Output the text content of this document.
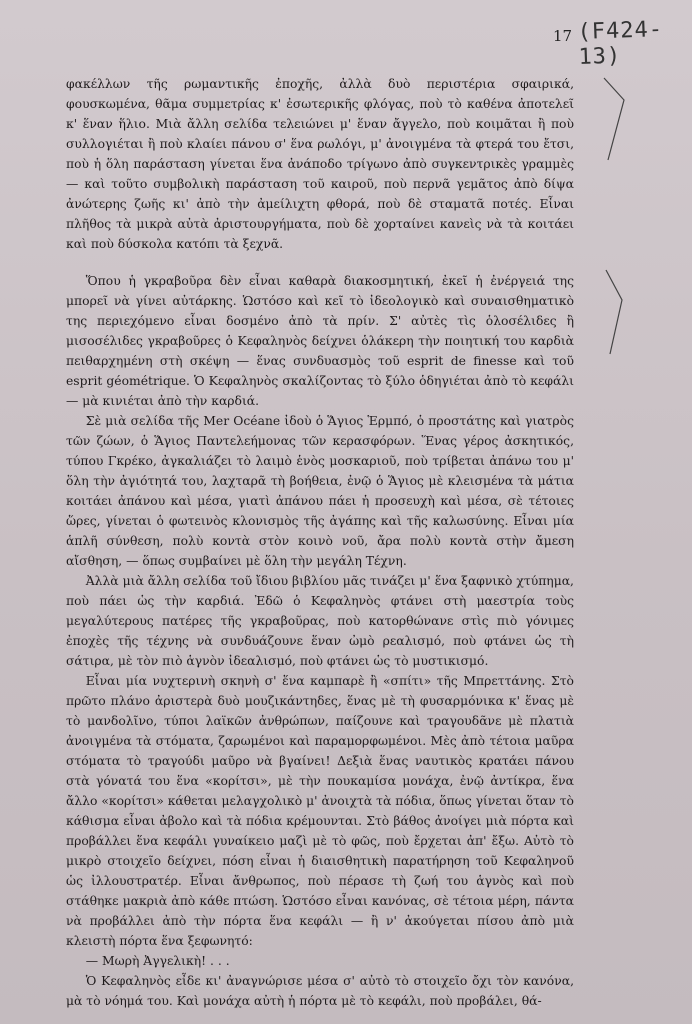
17 (F424-13)

φακέλλων τῆς ρωμαντικῆς ἐποχῆς, ἀλλὰ δυὸ περιστέρια σφαιρικά, φουσκωμένα, θᾶμα συμμετρίας κ' ἐσωτερικῆς φλόγας, ποὺ τὸ καθένα ἀποτελεῖ κ' ἕναν ἥλιο. Μιὰ ἄλλη σελίδα τελειώνει μ' ἕναν ἄγγελο, ποὺ κοιμᾶται ἢ ποὺ συλλογιέται ἢ ποὺ κλαίει πάνου σ' ἕνα ρωλόγι, μ' ἀνοιγμένα τὰ φτερά του ἔτσι, ποὺ ἡ ὅλη παράσταση γίνεται ἕνα ἀνάποδο τρίγωνο ἀπὸ συγκεντρικὲς γραμμὲς — καὶ τοῦτο συμβολικὴ παράσταση τοῦ καιροῦ, ποὺ περνᾶ γεμᾶτος ἀπὸ δίψα ἀνώτερης ζωῆς κι' ἀπὸ τὴν ἀμείλιχτη φθορά, ποὺ δὲ σταματᾶ ποτές. Εἶναι πλῆθος τὰ μικρὰ αὐτὰ ἀριστουργήματα, ποὺ δὲ χορταίνει κανεὶς νὰ τὰ κοιτάει καὶ ποὺ δύσκολα κατόπι τὰ ξεχνᾶ.

Ὅπου ἡ γκραβοῦρα δὲν εἶναι καθαρὰ διακοσμητική, ἐκεῖ ἡ ἐνέργειά της μπορεῖ νὰ γίνει αὐτάρκης. Ὡστόσο καὶ κεῖ τὸ ἰδεολογικὸ καὶ συναισθηματικὸ της περιεχόμενο εἶναι δοσμένο ἀπὸ τὰ πρίν. Σ' αὐτὲς τὶς ὁλοσέλιδες ἢ μισοσέλιδες γκραβοῦρες ὁ Κεφαληνὸς δείχνει ὁλάκερη τὴν ποιητική του καρδιὰ πειθαρχημένη στὴ σκέψη — ἕνας συνδυασμὸς τοῦ esprit de finesse καὶ τοῦ esprit géométrique. Ὁ Κεφαληνὸς σκαλίζοντας τὸ ξύλο ὁδηγιέται ἀπὸ τὸ κεφάλι — μὰ κινιέται ἀπὸ τὴν καρδιά.

Σὲ μιὰ σελίδα τῆς Mer Océane ἰδοὺ ὁ Ἅγιος Ἑρμπό, ὁ προστάτης καὶ γιατρὸς τῶν ζώων, ὁ Ἅγιος Παντελεήμονας τῶν κερασφόρων. Ἕνας γέρος ἀσκητικός, τύπου Γκρέκο, ἀγκαλιάζει τὸ λαιμὸ ἑνὸς μοσκαριοῦ, ποὺ τρίβεται ἀπάνω του μ' ὅλη τὴν ἀγιότητά του, λαχταρᾶ τὴ βοήθεια, ἐνῷ ὁ Ἅγιος μὲ κλεισμένα τὰ μάτια κοιτάει ἀπάνου καὶ μέσα, γιατὶ ἀπάνου πάει ἡ προσευχὴ καὶ μέσα, σὲ τέτοιες ὥρες, γίνεται ὁ φωτεινὸς κλονισμὸς τῆς ἀγάπης καὶ τῆς καλωσύνης. Εἶναι μία ἁπλῆ σύνθεση, πολὺ κοντὰ στὸν κοινὸ νοῦ, ἄρα πολὺ κοντὰ στὴν ἄμεση αἴσθηση, — ὅπως συμβαίνει μὲ ὅλη τὴν μεγάλη Τέχνη.

Ἀλλὰ μιὰ ἄλλη σελίδα τοῦ ἴδιου βιβλίου μᾶς τινάζει μ' ἕνα ξαφνικὸ χτύπημα, ποὺ πάει ὡς τὴν καρδιά. Ἐδῶ ὁ Κεφαληνὸς φτάνει στὴ μαεστρία τοὺς μεγαλύτερους πατέρες τῆς γκραβοῦρας, ποὺ κατορθώνανε στὶς πιὸ γόνιμες ἐποχὲς τῆς τέχνης νὰ συνδυάζουνε ἕναν ὠμὸ ρεαλισμό, ποὺ φτάνει ὡς τὴ σάτιρα, μὲ τὸν πιὸ ἁγνὸν ἰδεαλισμό, ποὺ φτάνει ὡς τὸ μυστικισμό.

Εἶναι μία νυχτερινὴ σκηνὴ σ' ἕνα καμπαρὲ ἢ «σπίτι» τῆς Μπρεττάνης. Στὸ πρῶτο πλάνο ἀριστερὰ δυὸ μουζικάντηδες, ἕνας μὲ τὴ φυσαρμόνικα κ' ἕνας μὲ τὸ μανδολῖνο, τύποι λαϊκῶν ἀνθρώπων, παίζουνε καὶ τραγουδᾶνε μὲ πλατιὰ ἀνοιγμένα τὰ στόματα, ζαρωμένοι καὶ παραμορφωμένοι. Μὲς ἀπὸ τέτοια μαῦρα στόματα τὸ τραγούδι μαῦρο νὰ βγαίνει! Δεξιὰ ἕνας ναυτικὸς κρατάει πάνου στὰ γόνατά του ἕνα «κορίτσι», μὲ τὴν πουκαμίσα μονάχα, ἐνῷ ἀντίκρα, ἕνα ἄλλο «κορίτσι» κάθεται μελαγχολικὸ μ' ἀνοιχτὰ τὰ πόδια, ὅπως γίνεται ὅταν τὸ κάθισμα εἶναι ἀβολο καὶ τὰ πόδια κρέμουνται. Στὸ βάθος ἀνοίγει μιὰ πόρτα καὶ προβάλλει ἕνα κεφάλι γυναίκειο μαζὶ μὲ τὸ φῶς, ποὺ ἔρχεται ἀπ' ἔξω. Αὐτὸ τὸ μικρὸ στοιχεῖο δείχνει, πόση εἶναι ἡ διαισθητικὴ παρατήρηση τοῦ Κεφαληνοῦ ὡς ἰλλουστρατέρ. Εἶναι ἄνθρωπος, ποὺ πέρασε τὴ ζωή του ἁγνὸς καὶ ποὺ στάθηκε μακριὰ ἀπὸ κάθε πτώση. Ὡστόσο εἶναι κανόνας, σὲ τέτοια μέρη, πάντα νὰ προβάλλει ἀπὸ τὴν πόρτα ἕνα κεφάλι — ἢ ν' ἀκούγεται πίσου ἀπὸ μιὰ κλειστὴ πόρτα ἕνα ξεφωνητό:

— Μωρὴ Ἀγγελικὴ! . . .

Ὁ Κεφαληνὸς εἶδε κι' ἀναγνώρισε μέσα σ' αὐτὸ τὸ στοιχεῖο ὄχι τὸν κανόνα, μὰ τὸ νόημά του. Καὶ μονάχα αὐτὴ ἡ πόρτα μὲ τὸ κεφάλι, ποὺ προβάλει, θά-
